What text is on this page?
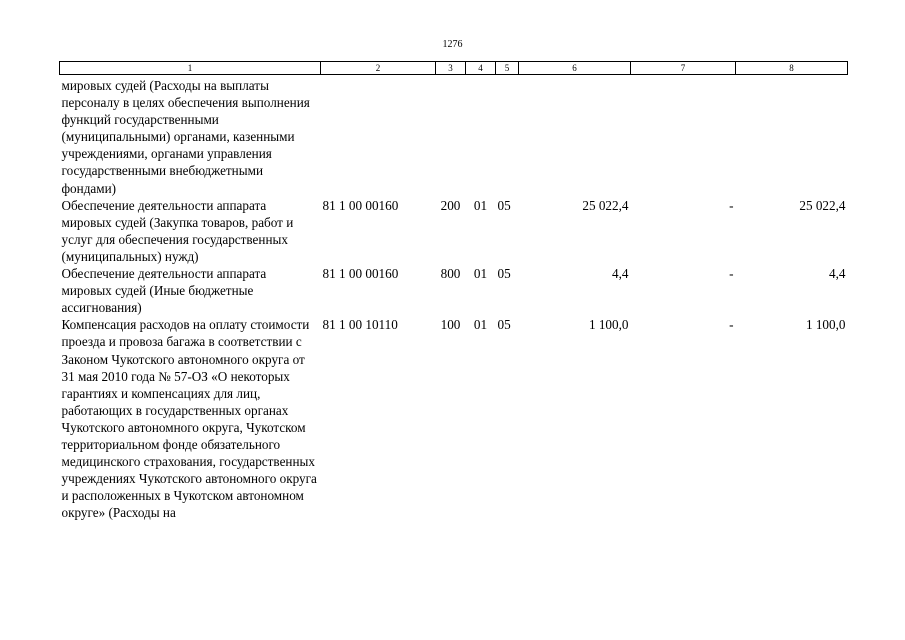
1276
1	2	3	4	5	6	7	8
мировых судей (Расходы на выплаты персоналу в целях обеспечения выполнения функций государственными (муниципальными) органами, казенными учреждениями, органами управления государственными внебюджетными фондами)							
Обеспечение деятельности аппарата мировых судей (Закупка товаров, работ и услуг для обеспечения государственных (муниципальных) нужд)	81 1 00 00160	200	01	05	25 022,4	-	25 022,4
Обеспечение деятельности аппарата мировых судей (Иные бюджетные ассигнования)	81 1 00 00160	800	01	05	4,4	-	4,4
Компенсация расходов на оплату стоимости проезда и провоза багажа в соответствии с Законом Чукотского автономного округа от 31 мая 2010 года № 57-ОЗ «О некоторых гарантиях и компенсациях для лиц, работающих в государственных органах Чукотского автономного округа, Чукотском территориальном фонде обязательного медицинского страхования, государственных учреждениях Чукотского автономного округа и расположенных в Чукотском автономном округе» (Расходы на	81 1 00 10110	100	01	05	1 100,0	-	1 100,0
